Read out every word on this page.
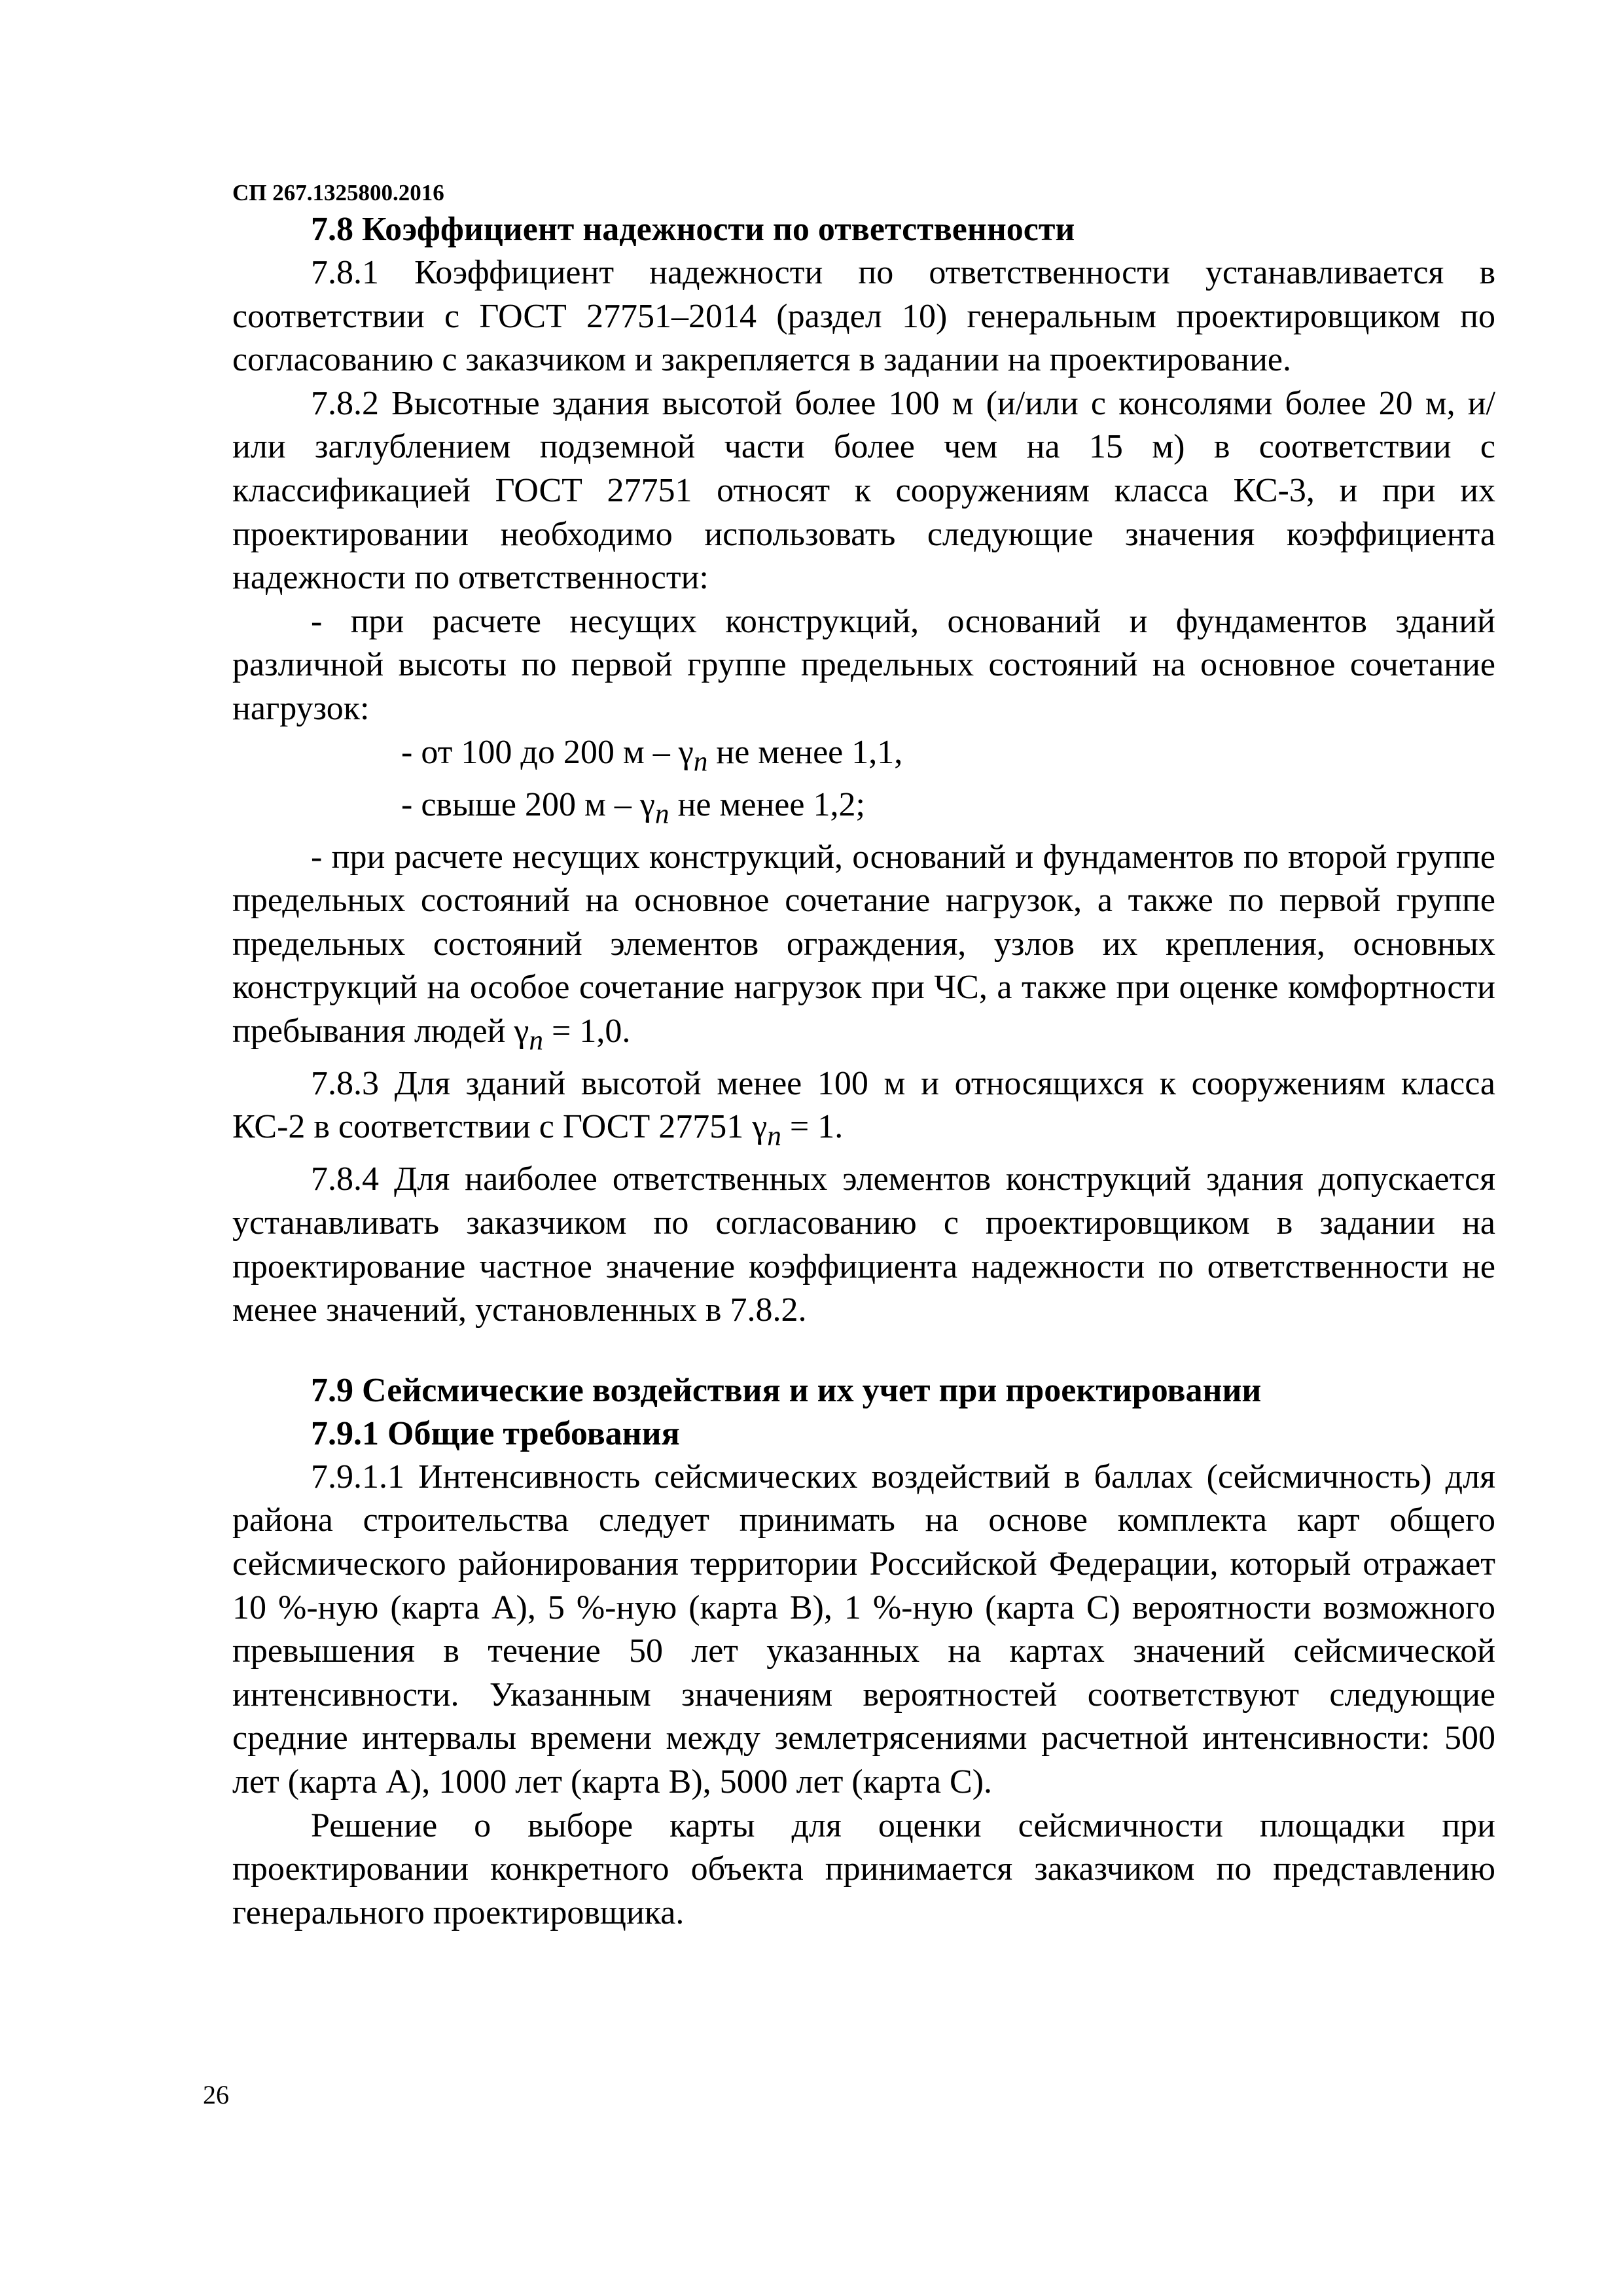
СП 267.1325800.2016

7.8 Коэффициент надежности по ответственности

7.8.1 Коэффициент надежности по ответственности устанавливается в соответствии с ГОСТ 27751–2014 (раздел 10) генеральным проектировщиком по согласованию с заказчиком и закрепляется в задании на проектирование.

7.8.2 Высотные здания высотой более 100 м (и/или с консолями более 20 м, и/или заглублением подземной части более чем на 15 м) в соответствии с классификацией ГОСТ 27751 относят к сооружениям класса КС-3, и при их проектировании необходимо использовать следующие значения коэффициента надежности по ответственности:

- при расчете несущих конструкций, оснований и фундаментов зданий различной высоты по первой группе предельных состояний на основное сочетание нагрузок:

- от 100 до 200 м – $\gamma_n$ не менее 1,1,

- свыше 200 м – $\gamma_n$ не менее 1,2;

- при расчете несущих конструкций, оснований и фундаментов по второй группе предельных состояний на основное сочетание нагрузок, а также по первой группе предельных состояний элементов ограждения, узлов их крепления, основных конструкций на особое сочетание нагрузок при ЧС, а также при оценке комфортности пребывания людей $\gamma_n = 1,0$.

7.8.3 Для зданий высотой менее 100 м и относящихся к сооружениям класса КС-2 в соответствии с ГОСТ 27751 $\gamma_n = 1$.

7.8.4 Для наиболее ответственных элементов конструкций здания допускается устанавливать заказчиком по согласованию с проектировщиком в задании на проектирование частное значение коэффициента надежности по ответственности не менее значений, установленных в 7.8.2.

7.9 Сейсмические воздействия и их учет при проектировании

7.9.1 Общие требования

7.9.1.1 Интенсивность сейсмических воздействий в баллах (сейсмичность) для района строительства следует принимать на основе комплекта карт общего сейсмического районирования территории Российской Федерации, который отражает 10 %-ную (карта А), 5 %-ную (карта В), 1 %-ную (карта С) вероятности возможного превышения в течение 50 лет указанных на картах значений сейсмической интенсивности. Указанным значениям вероятностей соответствуют следующие средние интервалы времени между землетрясениями расчетной интенсивности: 500 лет (карта А), 1000 лет (карта В), 5000 лет (карта С).

Решение о выборе карты для оценки сейсмичности площадки при проектировании конкретного объекта принимается заказчиком по представлению генерального проектировщика.

26
